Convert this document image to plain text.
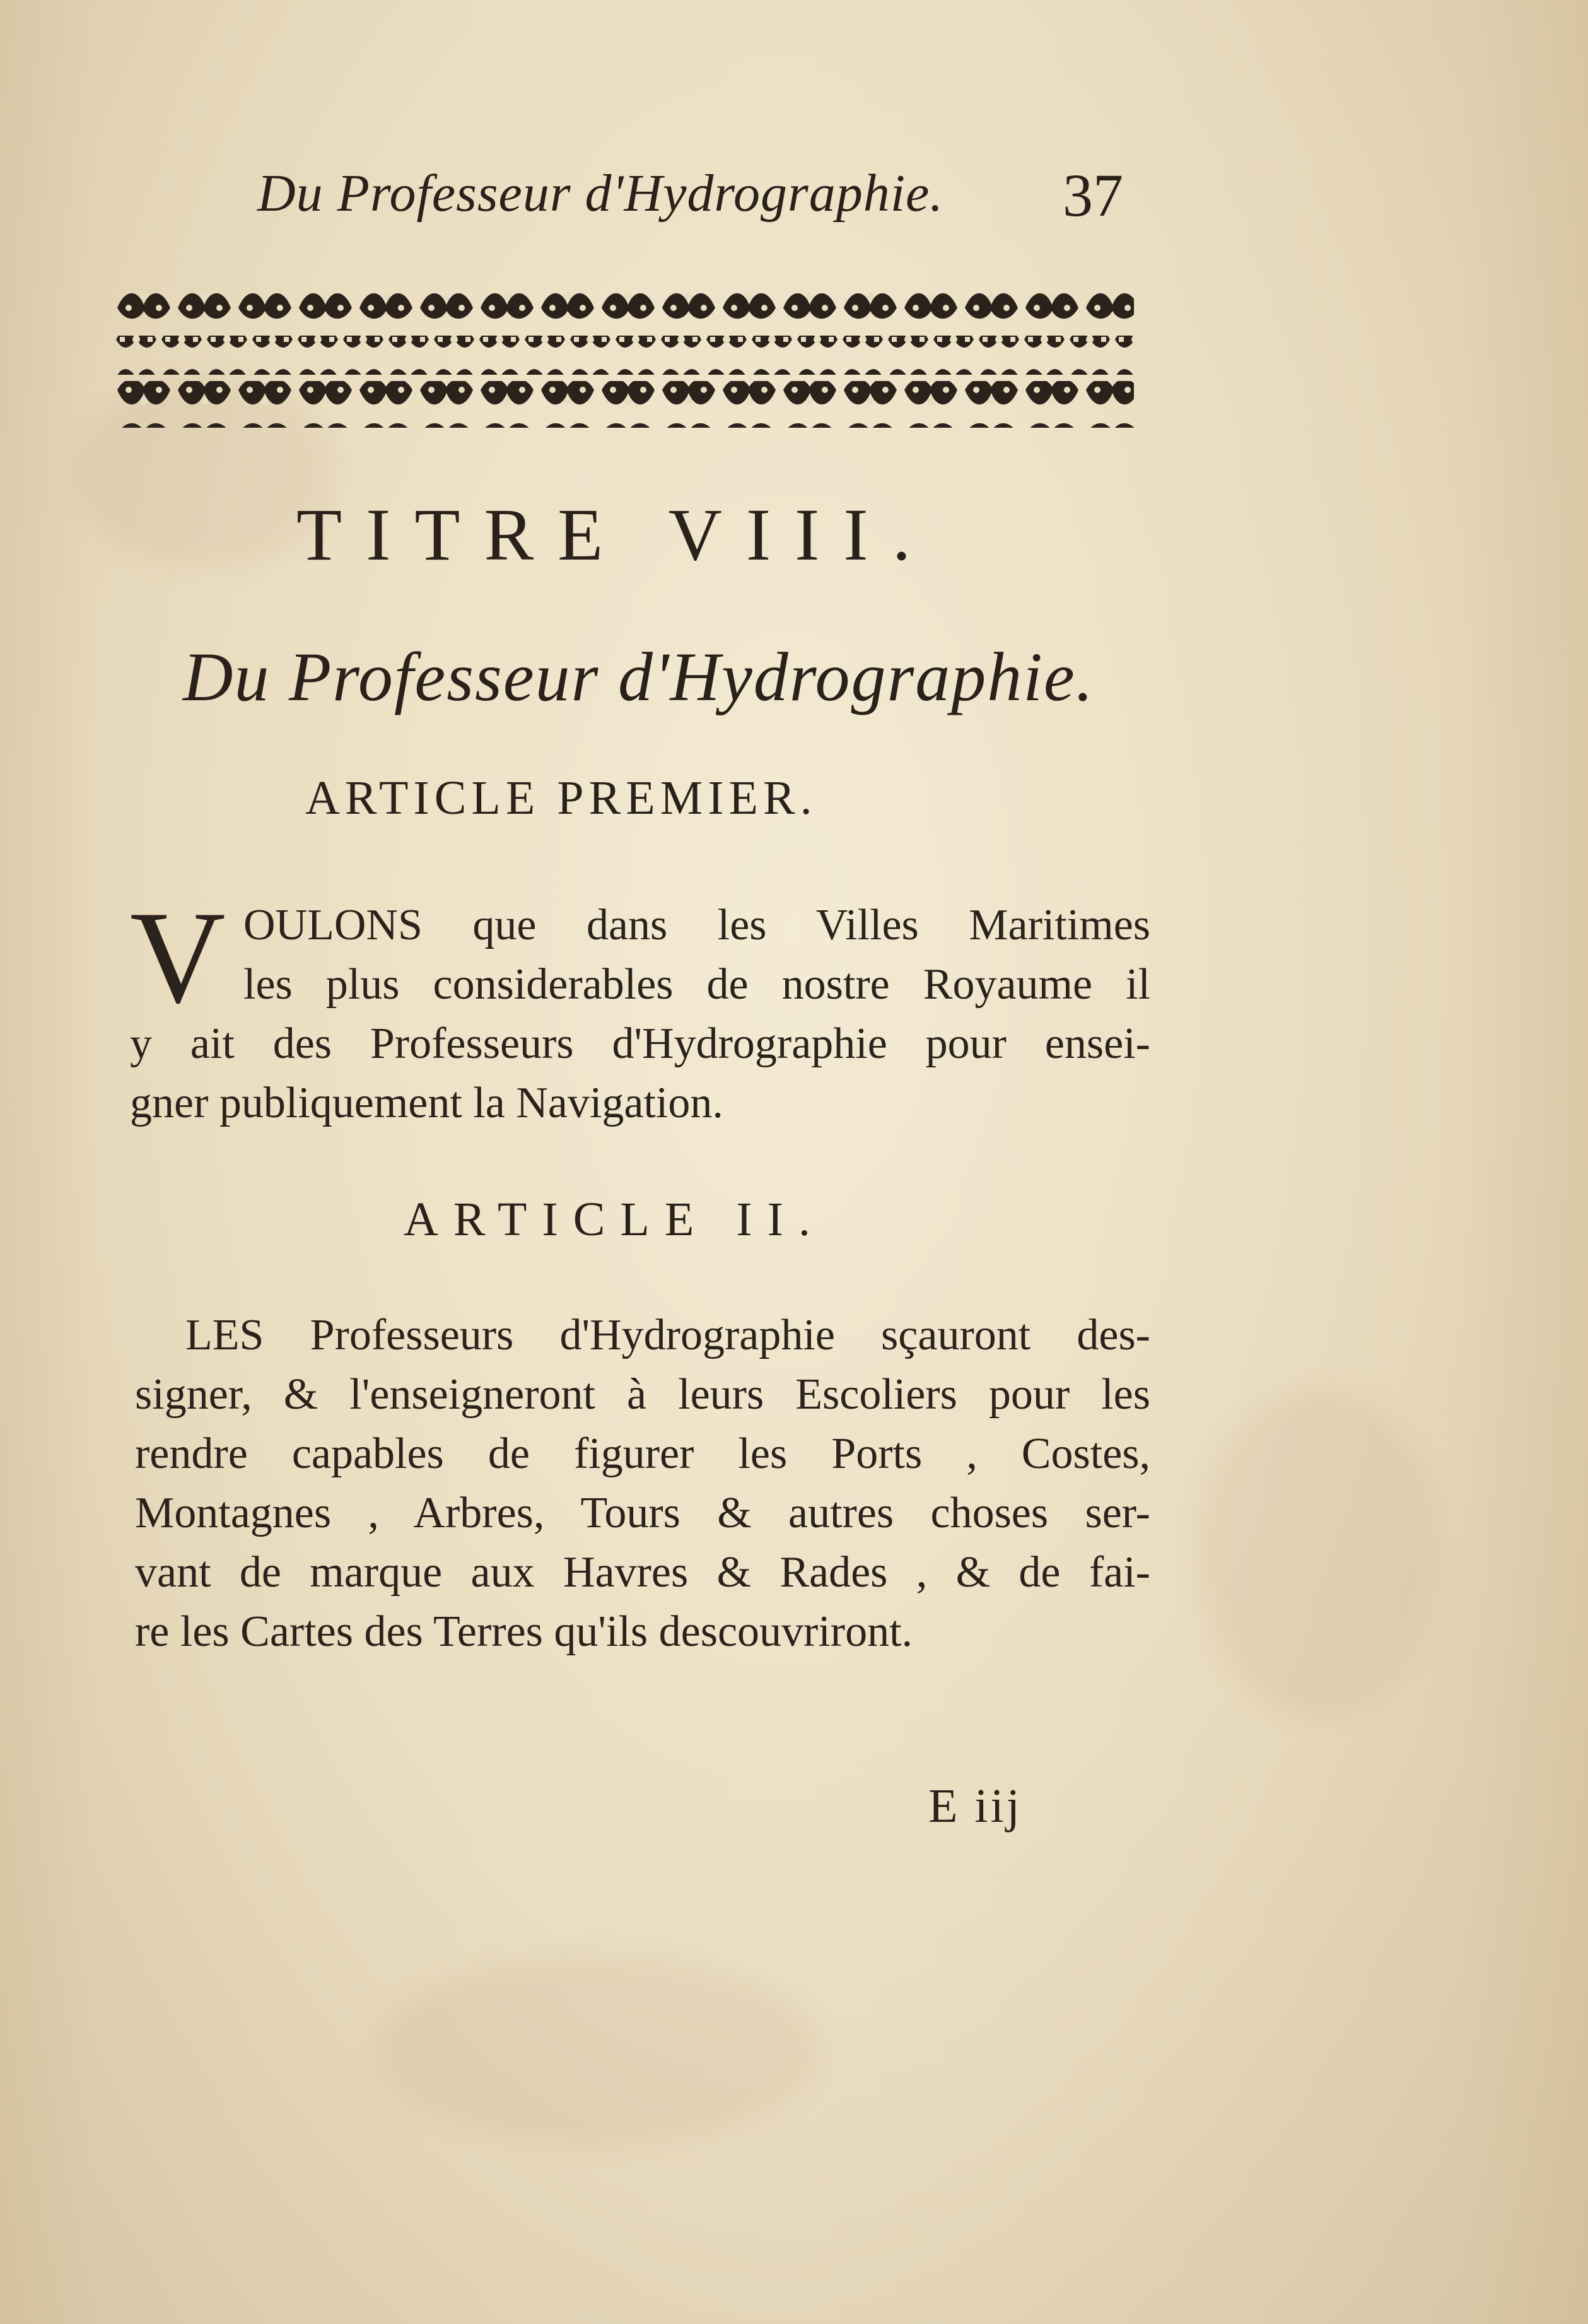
Du Professeur d'Hydrographie. 37
TITRE VIII.
Du Professeur d'Hydrographie.
ARTICLE PREMIER.
V OULONS que dans les Villes Maritimes
les plus considerables de nostre Royaume il
y ait des Professeurs d'Hydrographie pour ensei-
gner publiquement la Navigation.
ARTICLE II.
LES Professeurs d'Hydrographie sçauront des-
signer, & l'enseigneront à leurs Escoliers pour les
rendre capables de figurer les Ports , Costes,
Montagnes , Arbres, Tours & autres choses ser-
vant de marque aux Havres & Rades , & de fai-
re les Cartes des Terres qu'ils descouvriront.
E iij
